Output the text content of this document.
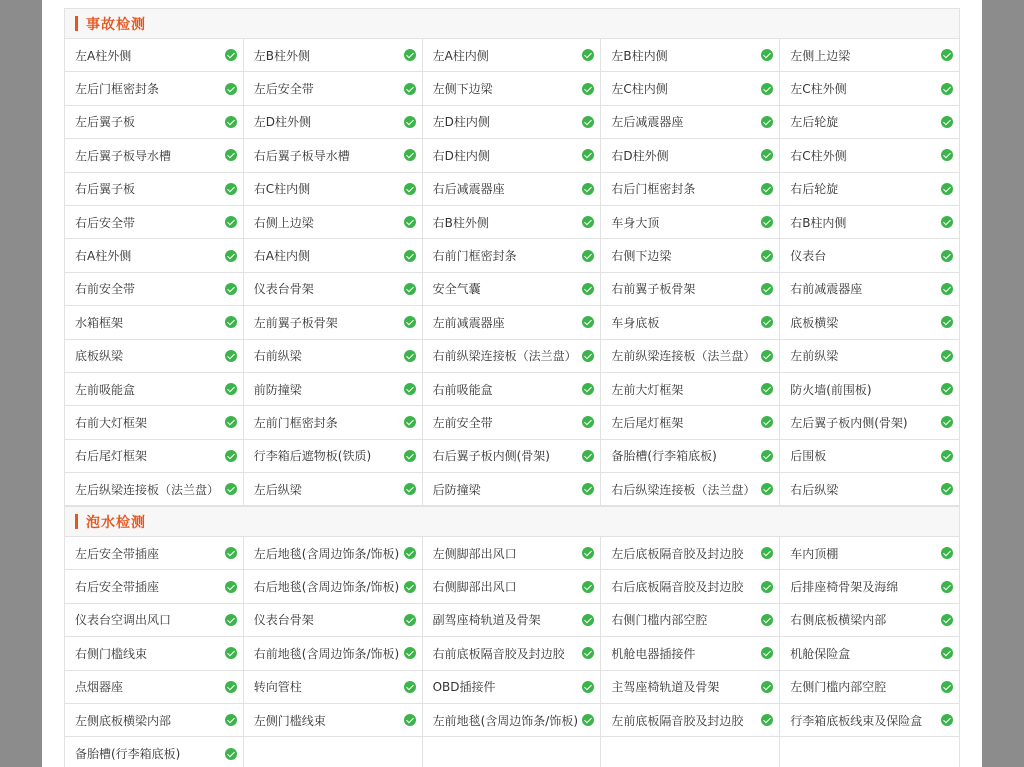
事故检测
左A柱外侧	左B柱外侧	左A柱内侧	左B柱内侧	左侧上边梁
左后门框密封条	左后安全带	左侧下边梁	左C柱内侧	左C柱外侧
左后翼子板	左D柱外侧	左D柱内侧	左后减震器座	左后轮旋
左后翼子板导水槽	右后翼子板导水槽	右D柱内侧	右D柱外侧	右C柱外侧
右后翼子板	右C柱内侧	右后减震器座	右后门框密封条	右后轮旋
右后安全带	右侧上边梁	右B柱外侧	车身大顶	右B柱内侧
右A柱外侧	右A柱内侧	右前门框密封条	右侧下边梁	仪表台
右前安全带	仪表台骨架	安全气囊	右前翼子板骨架	右前减震器座
水箱框架	左前翼子板骨架	左前减震器座	车身底板	底板横梁
底板纵梁	右前纵梁	右前纵梁连接板（法兰盘）	左前纵梁连接板（法兰盘）	左前纵梁
左前吸能盒	前防撞梁	右前吸能盒	左前大灯框架	防火墙(前围板)
右前大灯框架	左前门框密封条	左前安全带	左后尾灯框架	左后翼子板内侧(骨架)
右后尾灯框架	行李箱后遮物板(铁质)	右后翼子板内侧(骨架)	备胎槽(行李箱底板)	后围板
左后纵梁连接板（法兰盘）	左后纵梁	后防撞梁	右后纵梁连接板（法兰盘）	右后纵梁
泡水检测
左后安全带插座	左后地毯(含周边饰条/饰板)	左侧脚部出风口	左后底板隔音胶及封边胶	车内顶棚
右后安全带插座	右后地毯(含周边饰条/饰板)	右侧脚部出风口	右后底板隔音胶及封边胶	后排座椅骨架及海绵
仪表台空调出风口	仪表台骨架	副驾座椅轨道及骨架	右侧门槛内部空腔	右侧底板横梁内部
右侧门槛线束	右前地毯(含周边饰条/饰板)	右前底板隔音胶及封边胶	机舱电器插接件	机舱保险盒
点烟器座	转向管柱	OBD插接件	主驾座椅轨道及骨架	左侧门槛内部空腔
左侧底板横梁内部	左侧门槛线束	左前地毯(含周边饰条/饰板)	左前底板隔音胶及封边胶	行李箱底板线束及保险盒
备胎槽(行李箱底板)
